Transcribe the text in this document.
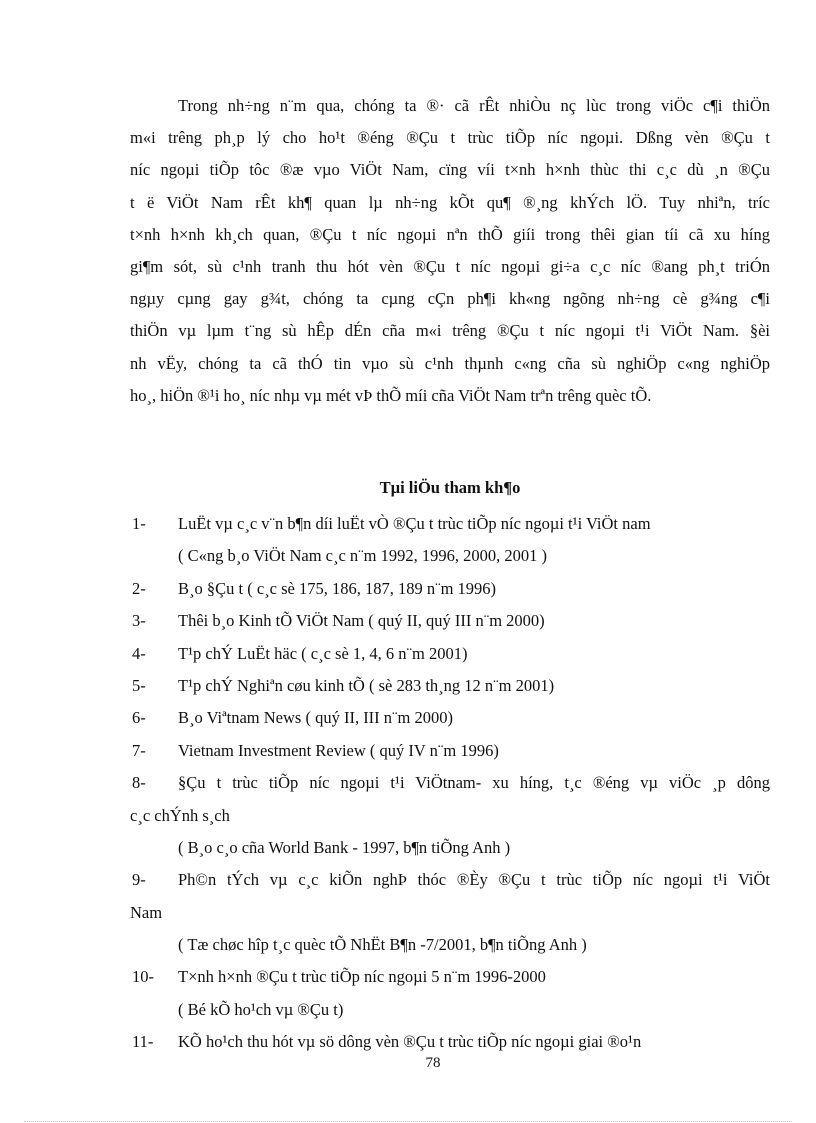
Trong nh÷ng n¨m qua, chóng ta ®· cã rÊt nhiÒu nç lùc trong viÖc c¶i thiÖn
m«i trêng ph¸p lý cho ho¹t ®éng ®Çu t trùc tiÕp níc ngoµi. Dßng vèn ®Çu t
níc ngoµi tiÕp tôc ®æ vµo ViÖt Nam, cïng víi t×nh h×nh thùc thi c¸c dù ¸n ®Çu
t ë ViÖt Nam rÊt kh¶ quan lµ nh÷ng kÕt qu¶ ®¸ng khÝch lÖ. Tuy nhiªn, tríc
t×nh h×nh kh¸ch quan, ®Çu t níc ngoµi nªn thÕ giíi trong thêi gian tíi cã xu híng
gi¶m sót, sù c¹nh tranh thu hót vèn ®Çu t níc ngoµi gi÷a c¸c níc ®ang ph¸t triÓn
ngµy cµng gay g¾t, chóng ta cµng cÇn ph¶i kh«ng ngõng nh÷ng cè g¾ng c¶i
thiÖn vµ lµm t¨ng sù hÊp dÉn cña m«i trêng ®Çu t níc ngoµi t¹i ViÖt Nam. §èi
nh vËy, chóng ta cã thÓ tin vµo sù c¹nh thµnh c«ng cña sù nghiÖp c«ng nghiÖp
ho¸, hiÖn ®¹i ho¸ níc nhµ vµ mét vÞ thÕ míi cña ViÖt Nam trªn trêng quèc tÕ.
Tµi liÖu tham kh¶o
1-	LuËt vµ c¸c v¨n b¶n díi luËt vÒ ®Çu t trùc tiÕp níc ngoµi t¹i ViÖt nam
( C«ng b¸o ViÖt Nam c¸c n¨m 1992, 1996, 2000, 2001 )
2-	B¸o §Çu t ( c¸c sè 175, 186, 187, 189 n¨m 1996)
3-	Thêi b¸o Kinh tÕ ViÖt Nam ( quý II, quý III n¨m 2000)
4-	T¹p chÝ LuËt häc ( c¸c sè 1, 4, 6 n¨m 2001)
5-	T¹p chÝ Nghiªn cøu kinh tÕ ( sè 283 th¸ng 12 n¨m 2001)
6-	B¸o Viªtnam News ( quý II, III n¨m 2000)
7-	Vietnam Investment Review ( quý IV n¨m 1996)
8-	§Çu t trùc tiÕp níc ngoµi t¹i ViÖtnam- xu híng, t¸c ®éng vµ viÖc ¸p dông
c¸c chÝnh s¸ch
( B¸o c¸o cña World Bank - 1997, b¶n tiÕng Anh )
9-	Ph©n tÝch vµ c¸c kiÕn nghÞ thóc ®Èy ®Çu t trùc tiÕp níc ngoµi t¹i ViÖt
Nam
( Tæ chøc hîp t¸c quèc tÕ NhËt B¶n -7/2001, b¶n tiÕng Anh )
10-	T×nh h×nh ®Çu t trùc tiÕp níc ngoµi 5 n¨m 1996-2000
( Bé kÕ ho¹ch vµ ®Çu t)
11-	KÕ ho¹ch thu hót vµ sö dông vèn ®Çu t trùc tiÕp níc ngoµi giai ®o¹n
78
